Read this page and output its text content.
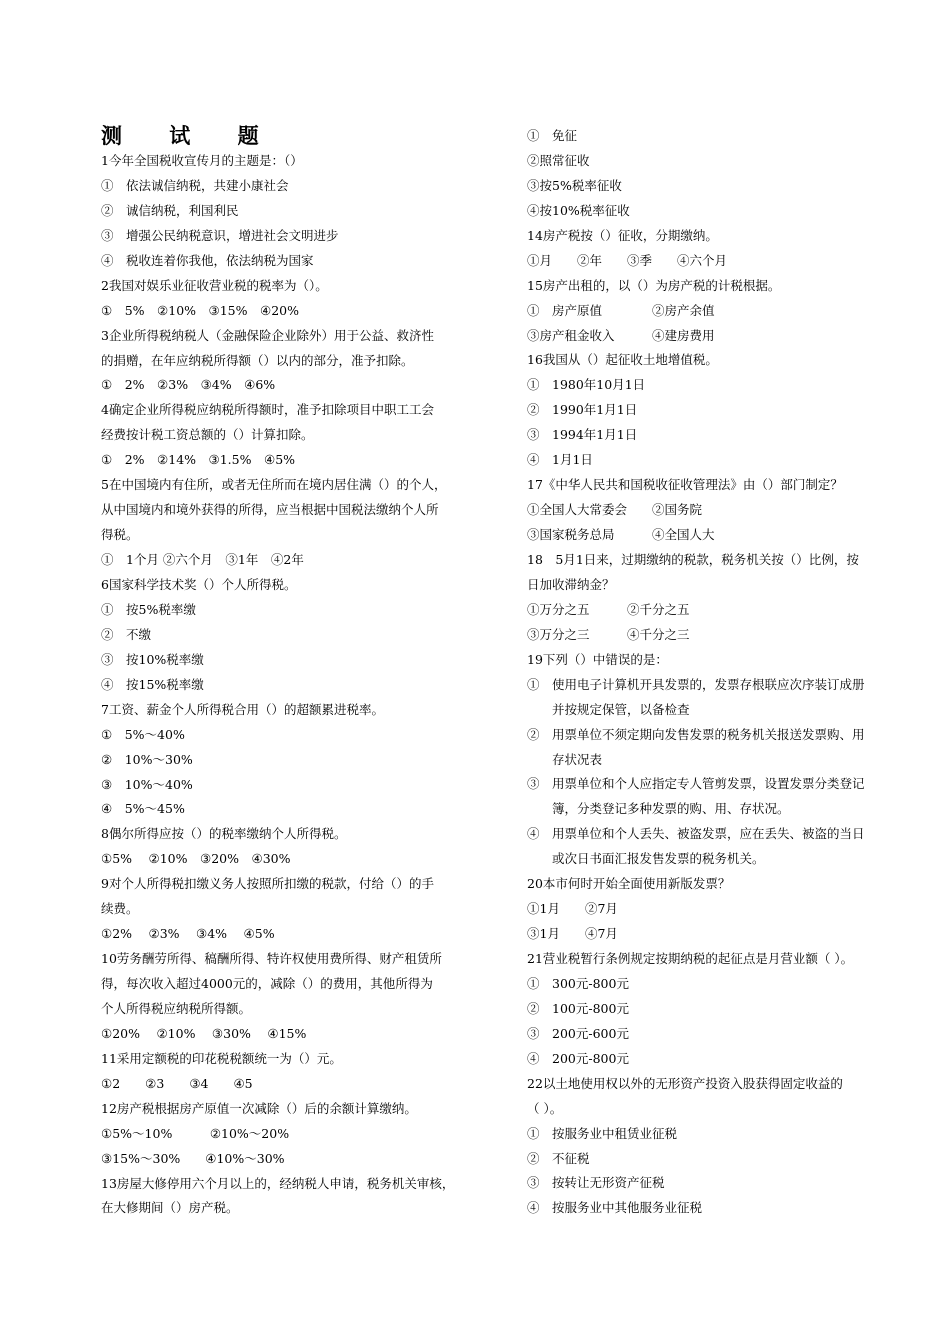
测 试 题
1今年全国税收宣传月的主题是：（）
①　依法诚信纳税，共建小康社会
②　诚信纳税，利国利民
③　增强公民纳税意识，增进社会文明进步
④　税收连着你我他，依法纳税为国家
2我国对娱乐业征收营业税的税率为（）。
①　5%　②10%　③15%　④20%
3企业所得税纳税人（金融保险企业除外）用于公益、救济性
的捐赠，在年应纳税所得额（）以内的部分，准予扣除。
①　2%　②3%　③4%　④6%
4确定企业所得税应纳税所得额时，准予扣除项目中职工工会
经费按计税工资总额的（）计算扣除。
①　2%　②14%　③1.5%　④5%
5在中国境内有住所，或者无住所而在境内居住满（）的个人，
从中国境内和境外获得的所得，应当根据中国税法缴纳个人所
得税。
①　1个月 ②六个月　③1年　④2年
6国家科学技术奖（）个人所得税。
①　按5%税率缴
②　不缴
③　按10%税率缴
④　按15%税率缴
7工资、薪金个人所得税合用（）的超额累进税率。
①　5%～40%
②　10%～30%
③　10%～40%
④　5%～45%
8偶尔所得应按（）的税率缴纳个人所得税。
①5%　 ②10%　③20%　④30%
9对个人所得税扣缴义务人按照所扣缴的税款，付给（）的手
续费。
①2%　 ②3%　 ③4%　 ④5%
10劳务酬劳所得、稿酬所得、特许权使用费所得、财产租赁所
得，每次收入超过4000元的，减除（）的费用，其他所得为
个人所得税应纳税所得额。
①20%　 ②10%　 ③30%　 ④15%
11采用定额税的印花税税额统一为（）元。
①2　　②3　　③4　　④5
12房产税根据房产原值一次减除（）后的余额计算缴纳。
①5%～10%　　　②10%～20%
③15%～30%　　④10%～30%
13房屋大修停用六个月以上的，经纳税人申请，税务机关审核，
在大修期间（）房产税。
①　免征
②照常征收
③按5%税率征收
④按10%税率征收
14房产税按（）征收，分期缴纳。
①月　　②年　　③季　　④六个月
15房产出租的，以（）为房产税的计税根据。
①　房产原值　　　　②房产余值
③房产租金收入　　　④建房费用
16我国从（）起征收土地增值税。
①　1980年10月1日
②　1990年1月1日
③　1994年1月1日
④　1月1日
17《中华人民共和国税收征收管理法》由（）部门制定？
①全国人大常委会　　②国务院
③国家税务总局　　　④全国人大
18　5月1日来，过期缴纳的税款，税务机关按（）比例，按
日加收滞纳金？
①万分之五　　　②千分之五
③万分之三　　　④千分之三
19下列（）中错误的是：
①　使用电子计算机开具发票的，发票存根联应次序装订成册
　　并按规定保管，以备检查
②　用票单位不须定期向发售发票的税务机关报送发票购、用
　　存状况表
③　用票单位和个人应指定专人管剪发票，设置发票分类登记
　　簿，分类登记多种发票的购、用、存状况。
④　用票单位和个人丢失、被盗发票，应在丢失、被盗的当日
　　或次日书面汇报发售发票的税务机关。
20本市何时开始全面使用新版发票？
①1月　　②7月
③1月　　④7月
21营业税暂行条例规定按期纳税的起征点是月营业额（ ）。
①　300元-800元
②　100元-800元
③　200元-600元
④　200元-800元
22以土地使用权以外的无形资产投资入股获得固定收益的
（ ）。
①　按服务业中租赁业征税
②　不征税
③　按转让无形资产征税
④　按服务业中其他服务业征税
